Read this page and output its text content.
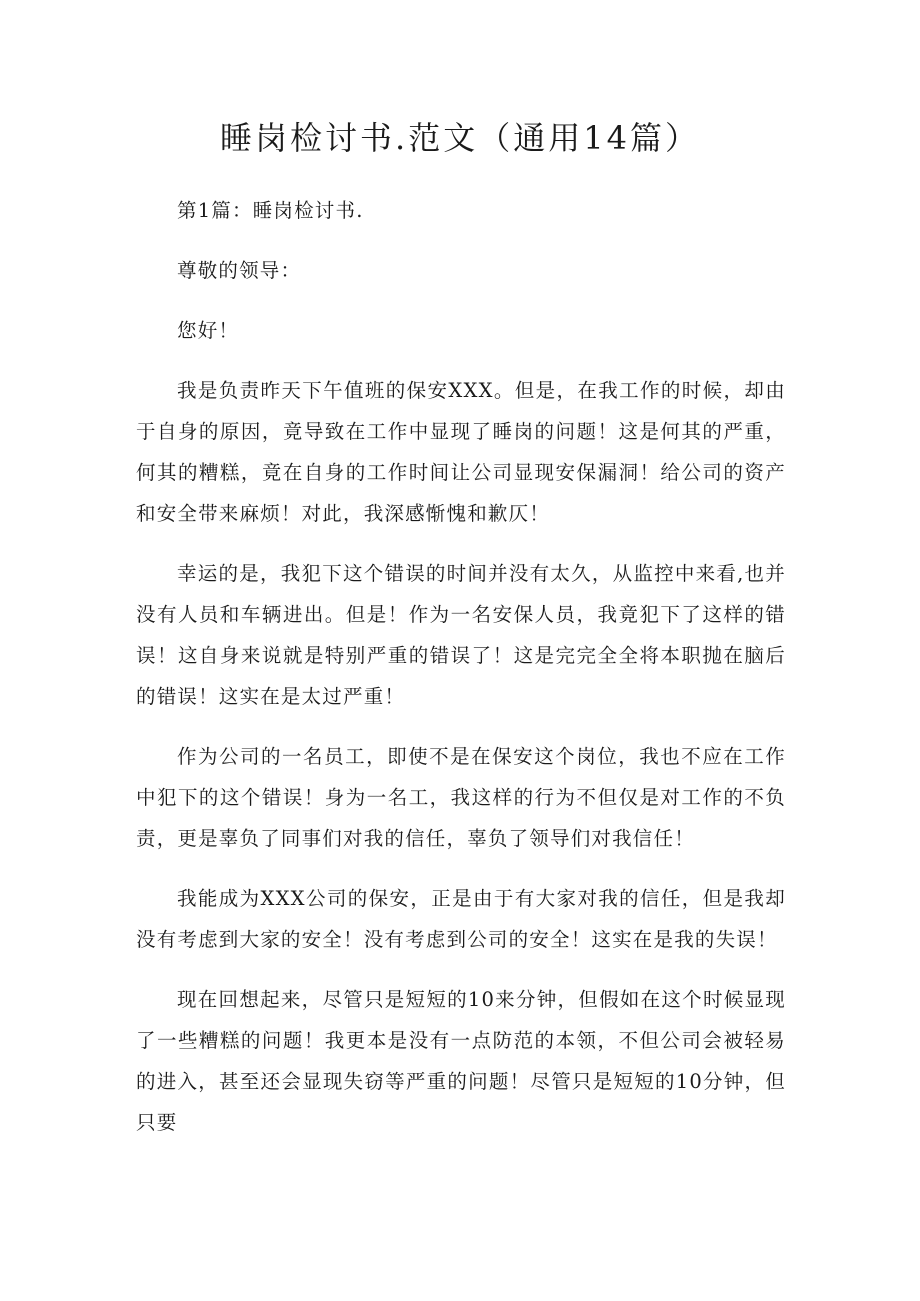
睡岗检讨书.范文（通用14篇）

第1篇：睡岗检讨书.

尊敬的领导：

您好！

我是负责昨天下午值班的保安XXX。但是，在我工作的时候，却由于自身的原因，竟导致在工作中显现了睡岗的问题！这是何其的严重，何其的糟糕，竟在自身的工作时间让公司显现安保漏洞！给公司的资产和安全带来麻烦！对此，我深感惭愧和歉仄！

幸运的是，我犯下这个错误的时间并没有太久，从监控中来看,也并没有人员和车辆进出。但是！作为一名安保人员，我竟犯下了这样的错误！这自身来说就是特别严重的错误了！这是完完全全将本职抛在脑后的错误！这实在是太过严重！

作为公司的一名员工，即使不是在保安这个岗位，我也不应在工作中犯下的这个错误！身为一名工，我这样的行为不但仅是对工作的不负责，更是辜负了同事们对我的信任，辜负了领导们对我信任！

我能成为XXX公司的保安，正是由于有大家对我的信任，但是我却没有考虑到大家的安全！没有考虑到公司的安全！这实在是我的失误！

现在回想起来，尽管只是短短的10来分钟，但假如在这个时候显现了一些糟糕的问题！我更本是没有一点防范的本领，不但公司会被轻易的进入，甚至还会显现失窃等严重的问题！尽管只是短短的10分钟，但只要
